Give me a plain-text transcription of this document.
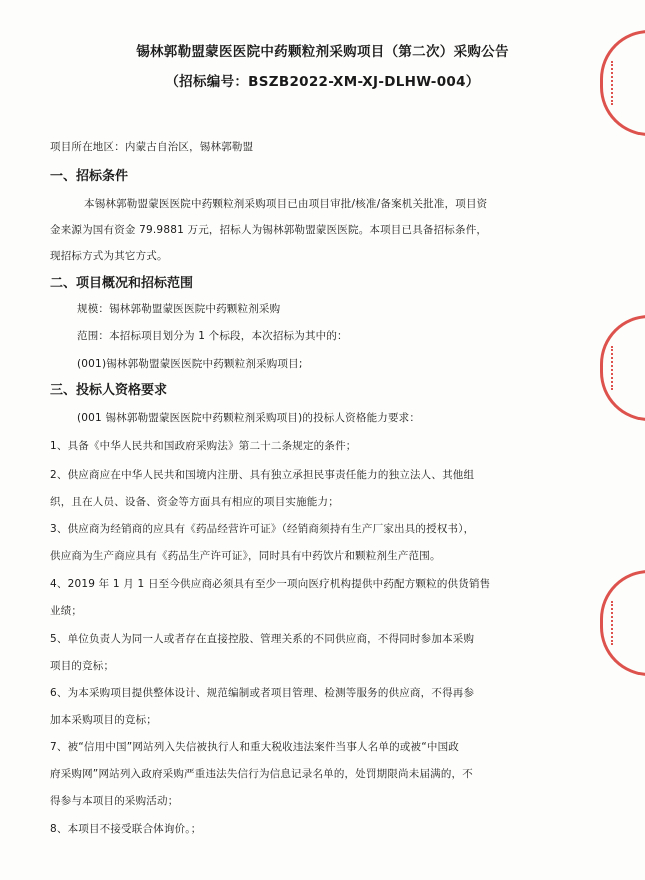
锡林郭勒盟蒙医医院中药颗粒剂采购项目（第二次）采购公告
（招标编号：BSZB2022-XM-XJ-DLHW-004）
项目所在地区：内蒙古自治区，锡林郭勒盟
一、招标条件
本锡林郭勒盟蒙医医院中药颗粒剂采购项目已由项目审批/核准/备案机关批准，项目资
金来源为国有资金 79.9881 万元，招标人为锡林郭勒盟蒙医医院。本项目已具备招标条件，
现招标方式为其它方式。
二、项目概况和招标范围
规模：锡林郭勒盟蒙医医院中药颗粒剂采购
范围：本招标项目划分为 1 个标段，本次招标为其中的：
(001)锡林郭勒盟蒙医医院中药颗粒剂采购项目;
三、投标人资格要求
(001 锡林郭勒盟蒙医医院中药颗粒剂采购项目)的投标人资格能力要求：
1、具备《中华人民共和国政府采购法》第二十二条规定的条件；
2、供应商应在中华人民共和国境内注册、具有独立承担民事责任能力的独立法人、其他组
织，且在人员、设备、资金等方面具有相应的项目实施能力；
3、供应商为经销商的应具有《药品经营许可证》（经销商须持有生产厂家出具的授权书），
供应商为生产商应具有《药品生产许可证》，同时具有中药饮片和颗粒剂生产范围。
4、2019 年 1 月 1 日至今供应商必须具有至少一项向医疗机构提供中药配方颗粒的供货销售
业绩；
5、单位负责人为同一人或者存在直接控股、管理关系的不同供应商，不得同时参加本采购
项目的竞标；
6、为本采购项目提供整体设计、规范编制或者项目管理、检测等服务的供应商，不得再参
加本采购项目的竞标；
7、被“信用中国”网站列入失信被执行人和重大税收违法案件当事人名单的或被“中国政
府采购网”网站列入政府采购严重违法失信行为信息记录名单的，处罚期限尚未届满的，不
得参与本项目的采购活动；
8、本项目不接受联合体询价。；
